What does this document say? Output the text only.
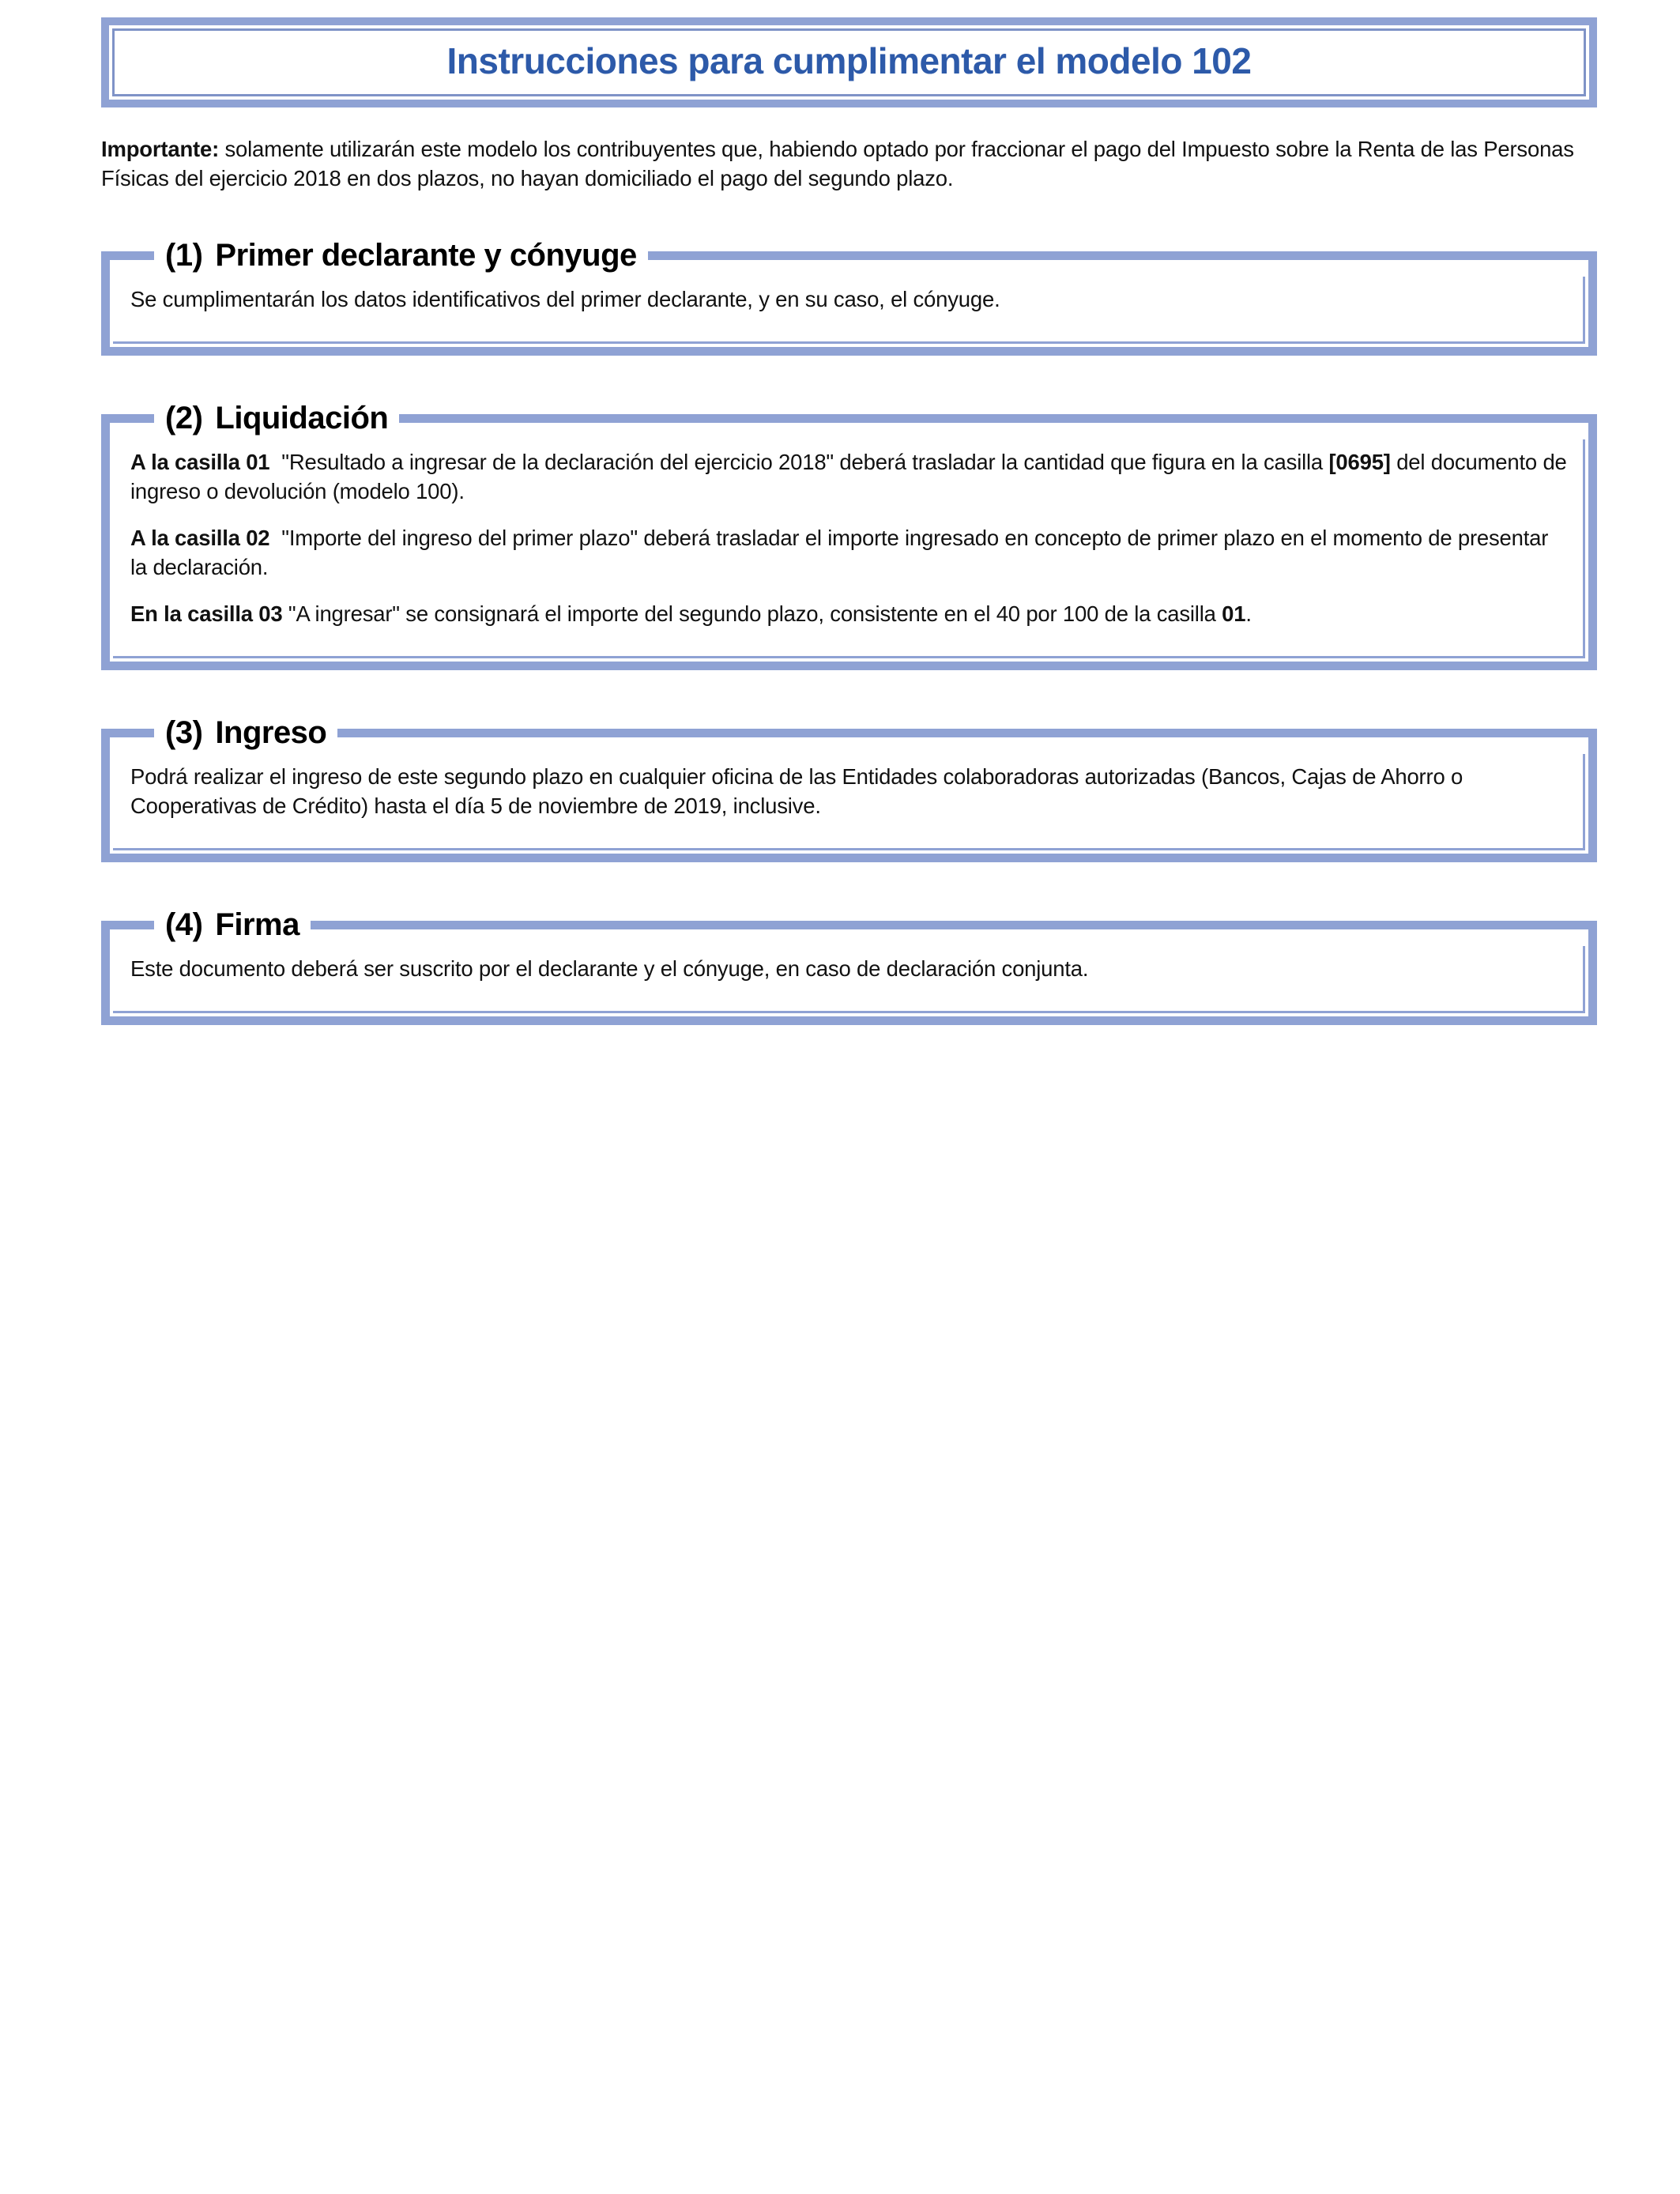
Instrucciones para cumplimentar el modelo 102

Importante: solamente utilizarán este modelo los contribuyentes que, habiendo optado por fraccionar el pago del Impuesto sobre la Renta de las Personas Físicas del ejercicio 2018 en dos plazos, no hayan domiciliado el pago del segundo plazo.

(1) Primer declarante y cónyuge

Se cumplimentarán los datos identificativos del primer declarante, y en su caso, el cónyuge.

(2) Liquidación

A la casilla 01  "Resultado a ingresar de la declaración del ejercicio 2018" deberá trasladar la cantidad que figura en la casilla [0695] del documento de ingreso o devolución (modelo 100).

A la casilla 02  "Importe del ingreso del primer plazo" deberá trasladar el importe ingresado en concepto de primer plazo en el momento de presentar la declaración.

En la casilla 03 "A ingresar" se consignará el importe del segundo plazo, consistente en el 40 por 100 de la casilla 01.

(3) Ingreso

Podrá realizar el ingreso de este segundo plazo en cualquier oficina de las Entidades colaboradoras autorizadas (Bancos, Cajas de Ahorro o Cooperativas de Crédito) hasta el día 5 de noviembre de 2019, inclusive.

(4) Firma

Este documento deberá ser suscrito por el declarante y el cónyuge, en caso de declaración conjunta.
